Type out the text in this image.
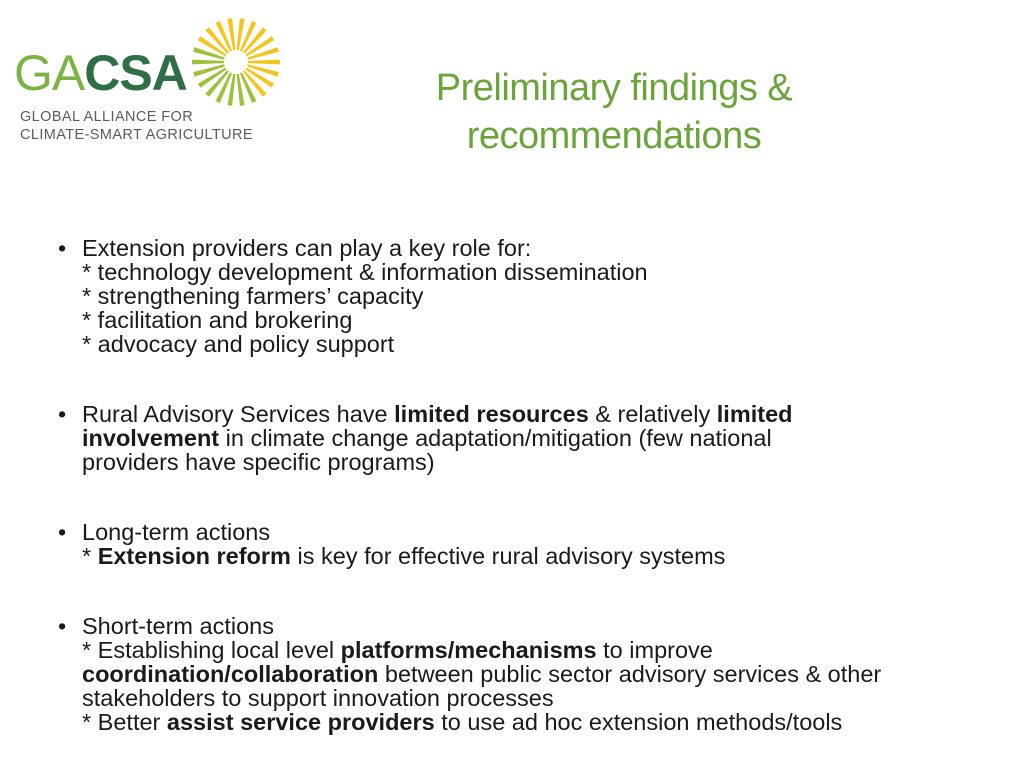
GACSA
GLOBAL ALLIANCE FOR
CLIMATE-SMART AGRICULTURE
Preliminary findings &
recommendations
• Extension providers can play a key role for:
* technology development & information dissemination
* strengthening farmers’ capacity
* facilitation and brokering
* advocacy and policy support
• Rural Advisory Services have limited resources & relatively limited
involvement in climate change adaptation/mitigation (few national
providers have specific programs)
• Long-term actions
* Extension reform is key for effective rural advisory systems
• Short-term actions
* Establishing local level platforms/mechanisms to improve
coordination/collaboration between public sector advisory services & other
stakeholders to support innovation processes
* Better assist service providers to use ad hoc extension methods/tools
